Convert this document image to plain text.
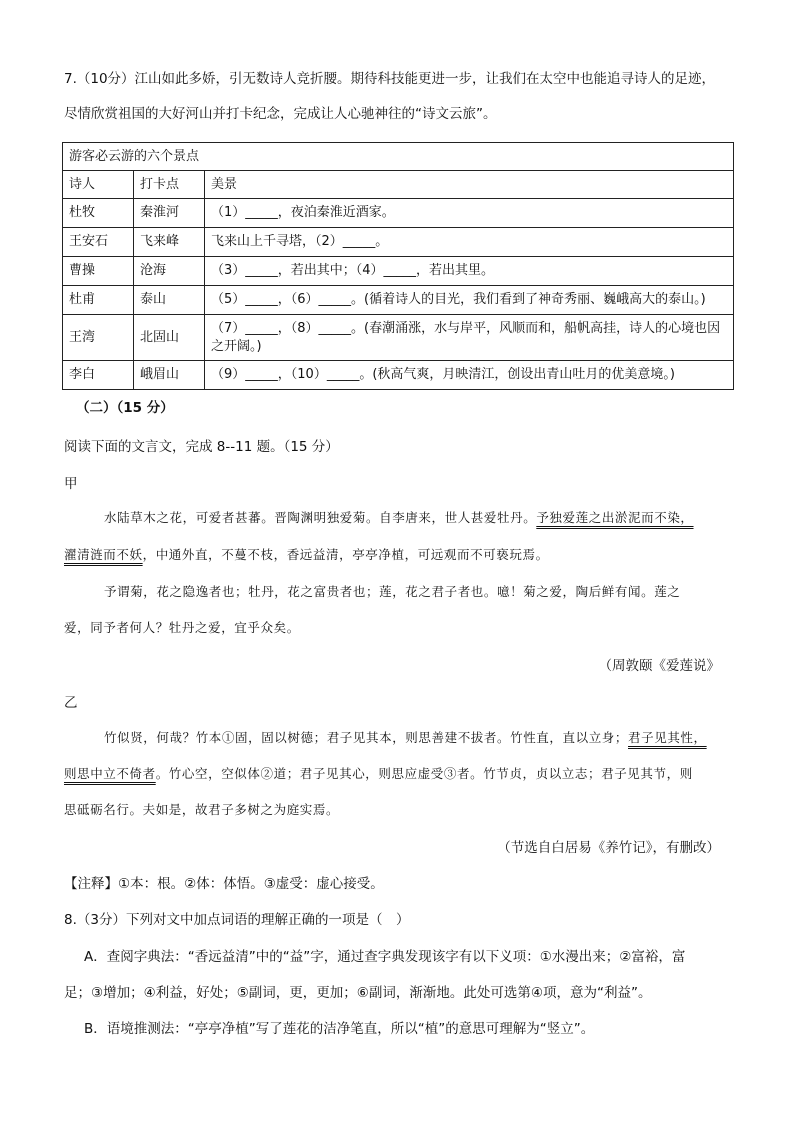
7.（10分）江山如此多娇，引无数诗人竞折腰。期待科技能更进一步，让我们在太空中也能追寻诗人的足迹，
尽情欣赏祖国的大好河山并打卡纪念，完成让人心驰神往的“诗文云旅”。
游客必云游的六个景点		
诗人	打卡点	美景
杜牧	秦淮河	（1）_____，夜泊秦淮近酒家。
王安石	飞来峰	飞来山上千寻塔，（2）_____。
曹操	沧海	（3）_____，若出其中；（4）_____，若出其里。
杜甫	泰山	（5）_____，（6）_____。(循着诗人的目光，我们看到了神奇秀丽、巍峨高大的泰山。)
王湾	北固山	（7）_____，（8）_____。(春潮涌涨，水与岸平，风顺而和，船帆高挂，诗人的心境也因之开阔。)
李白	峨眉山	（9）_____，（10）_____。(秋高气爽，月映清江，创设出青山吐月的优美意境。)
（二）（15 分）
阅读下面的文言文，完成 8--11 题。（15 分）
甲
水陆草木之花，可爱者甚蕃。晋陶渊明独爱菊。自李唐来，世人甚爱牡丹。予独爱莲之出淤泥而不染，
濯清涟而不妖，中通外直，不蔓不枝，香远益清，亭亭净植，可远观而不可亵玩焉。
予谓菊，花之隐逸者也；牡丹，花之富贵者也；莲，花之君子者也。噫！菊之爱，陶后鲜有闻。莲之
爱，同予者何人？牡丹之爱，宜乎众矣。
（周敦颐《爱莲说》
乙
竹似贤，何哉？竹本①固，固以树德；君子见其本，则思善建不拔者。竹性直，直以立身；君子见其性，
则思中立不倚者。竹心空，空似体②道；君子见其心，则思应虚受③者。竹节贞，贞以立志；君子见其节，则
思砥砺名行。夫如是，故君子多树之为庭实焉。
（节选自白居易《养竹记》，有删改）
【注释】①本：根。②体：体悟。③虚受：虚心接受。
8.（3分）下列对文中加点词语的理解正确的一项是（　）
A．查阅字典法：“香远益清”中的“益”字，通过查字典发现该字有以下义项：①水漫出来；②富裕，富
足；③增加；④利益，好处；⑤副词，更，更加；⑥副词，渐渐地。此处可选第④项，意为“利益”。
B．语境推测法：“亭亭净植”写了莲花的洁净笔直，所以“植”的意思可理解为“竖立”。
